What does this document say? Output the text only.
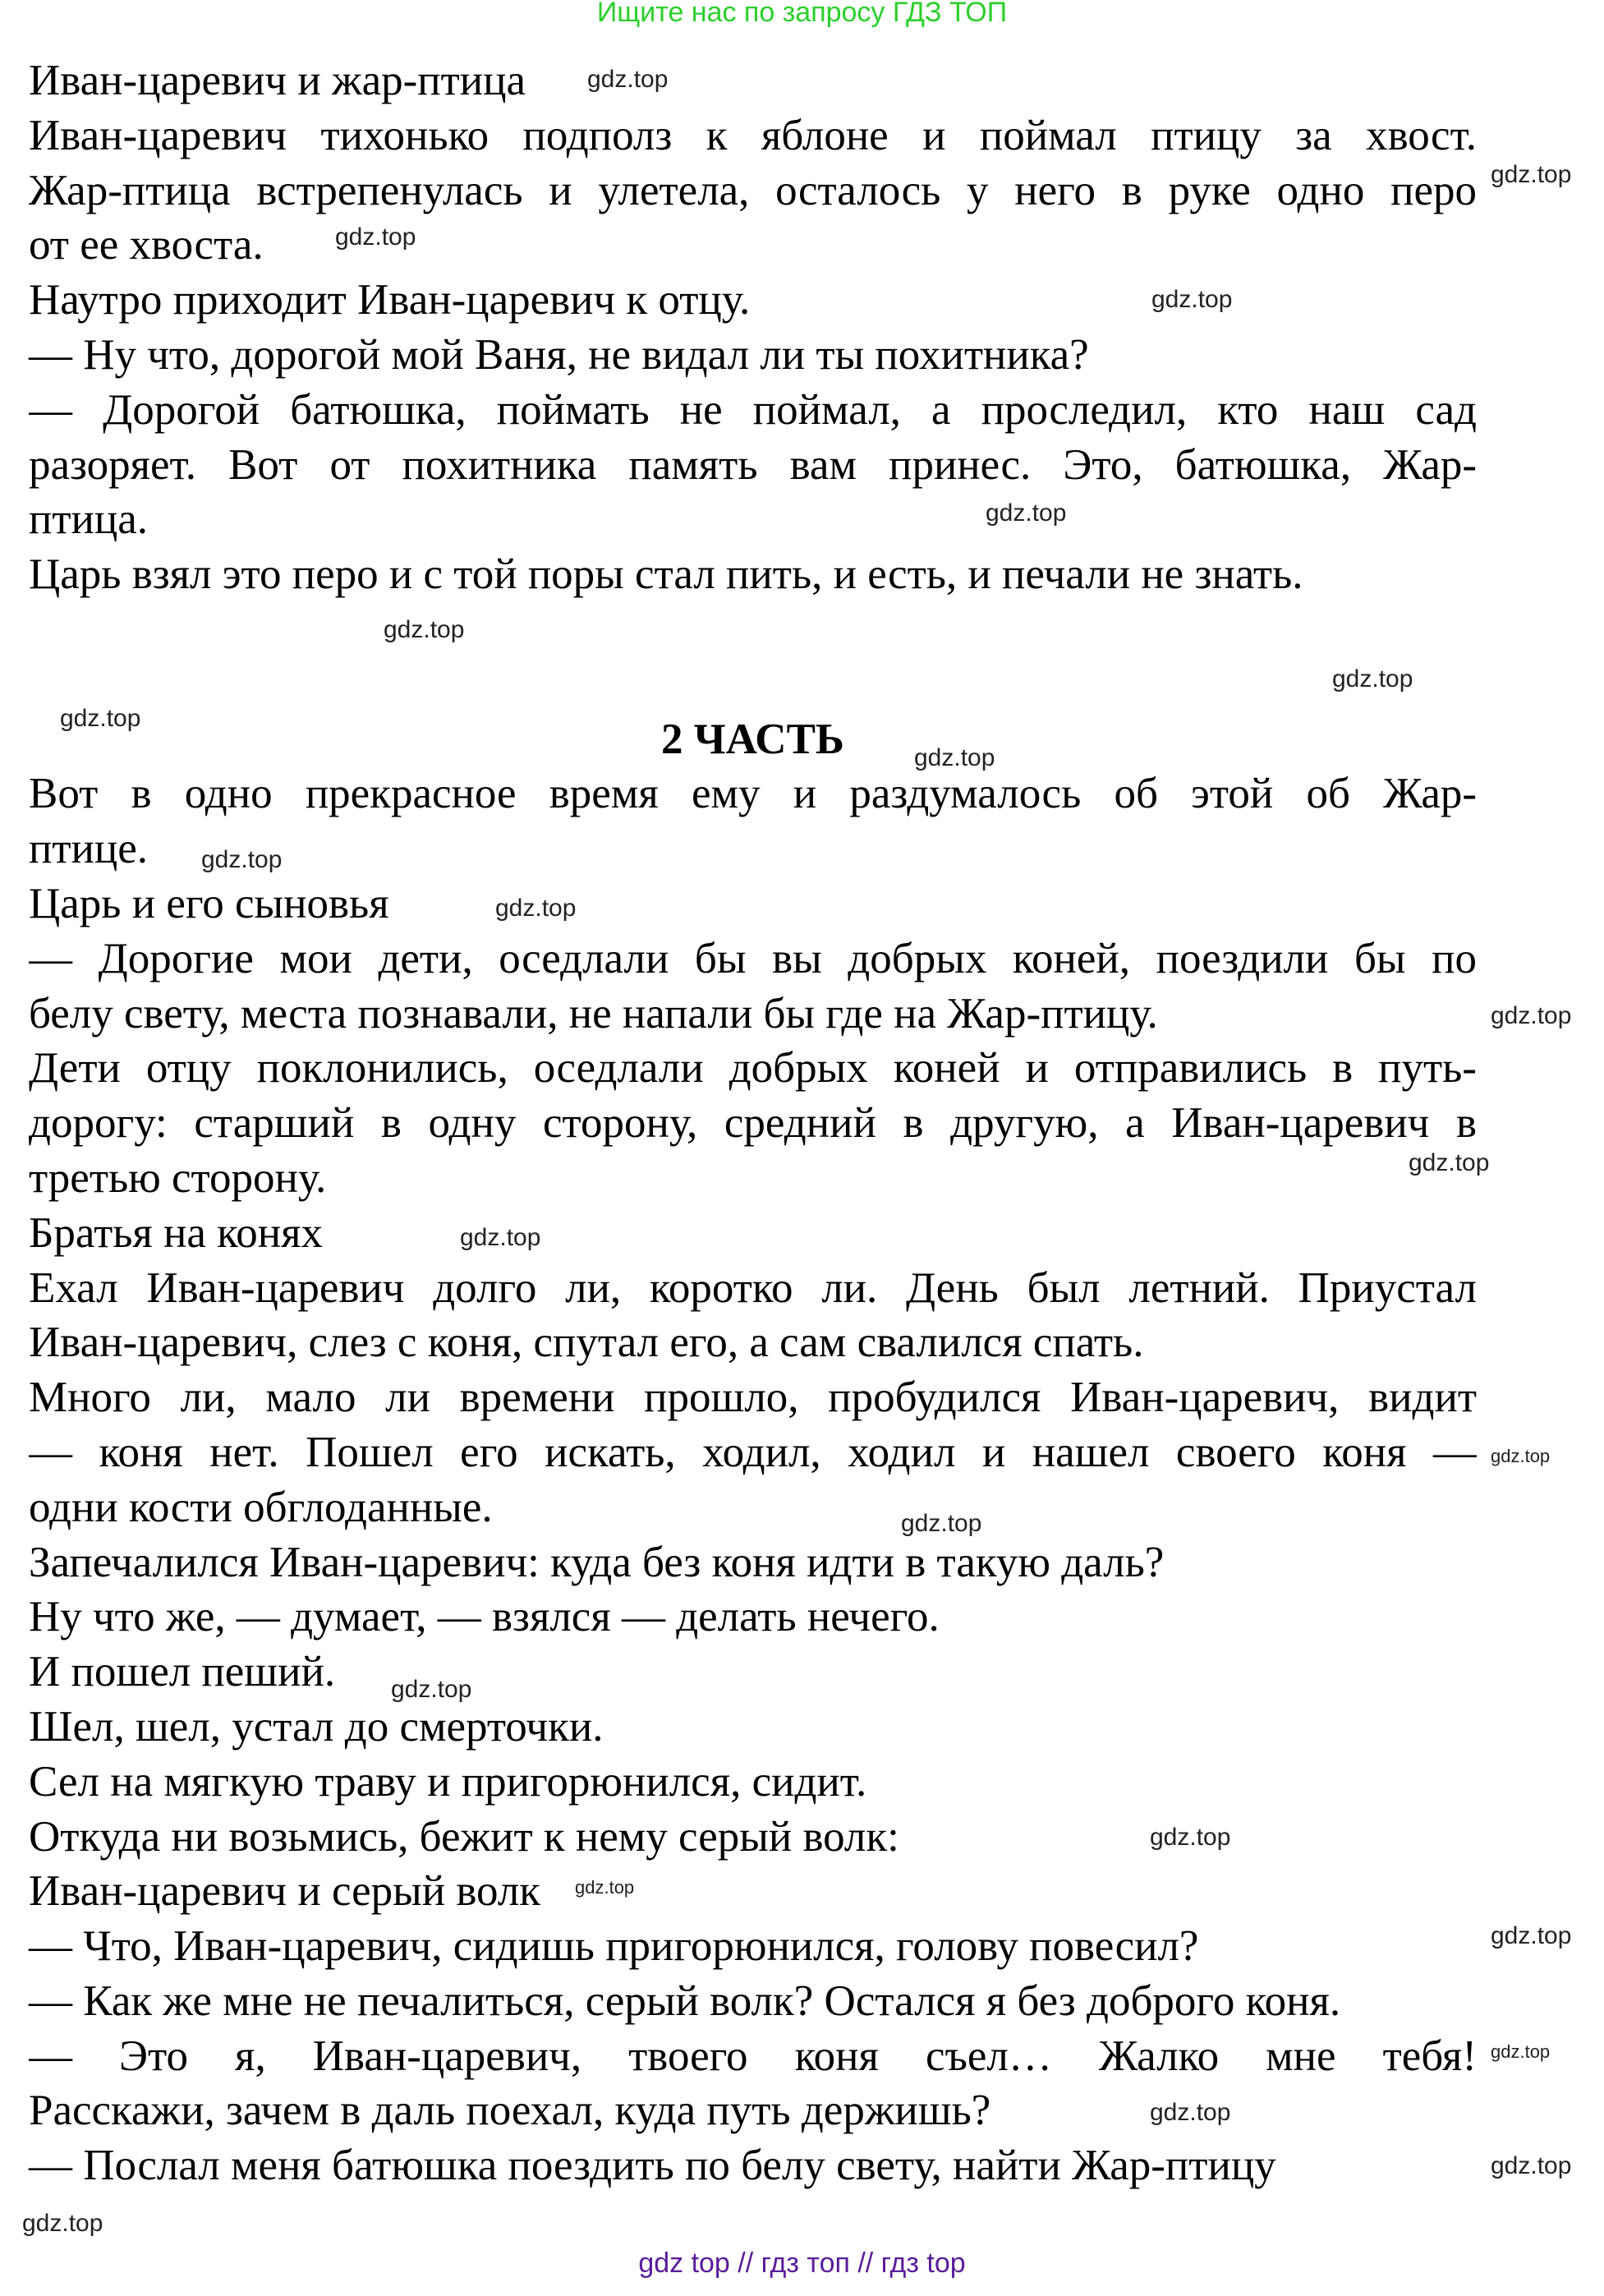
Ищите нас по запросу ГДЗ ТОП
Иван-царевич и жар-птица
Иван-царевич тихонько подполз к яблоне и поймал птицу за хвост.
Жар-птица встрепенулась и улетела, осталось у него в руке одно перо
от ее хвоста.
Наутро приходит Иван-царевич к отцу.
— Ну что, дорогой мой Ваня, не видал ли ты похитника?
— Дорогой батюшка, поймать не поймал, а проследил, кто наш сад
разоряет. Вот от похитника память вам принес. Это, батюшка, Жар-
птица.
Царь взял это перо и с той поры стал пить, и есть, и печали не знать.
2 ЧАСТЬ
Вот в одно прекрасное время ему и раздумалось об этой об Жар-
птице.
Царь и его сыновья
— Дорогие мои дети, оседлали бы вы добрых коней, поездили бы по
белу свету, места познавали, не напали бы где на Жар-птицу.
Дети отцу поклонились, оседлали добрых коней и отправились в путь-
дорогу: старший в одну сторону, средний в другую, а Иван-царевич в
третью сторону.
Братья на конях
Ехал Иван-царевич долго ли, коротко ли. День был летний. Приустал
Иван-царевич, слез с коня, спутал его, а сам свалился спать.
Много ли, мало ли времени прошло, пробудился Иван-царевич, видит
— коня нет. Пошел его искать, ходил, ходил и нашел своего коня —
одни кости обглоданные.
Запечалился Иван-царевич: куда без коня идти в такую даль?
Ну что же, — думает, — взялся — делать нечего.
И пошел пеший.
Шел, шел, устал до смерточки.
Сел на мягкую траву и пригорюнился, сидит.
Откуда ни возьмись, бежит к нему серый волк:
Иван-царевич и серый волк
— Что, Иван-царевич, сидишь пригорюнился, голову повесил?
— Как же мне не печалиться, серый волк? Остался я без доброго коня.
— Это я, Иван-царевич, твоего коня съел… Жалко мне тебя!
Расскажи, зачем в даль поехал, куда путь держишь?
— Послал меня батюшка поездить по белу свету, найти Жар-птицу
gdz.top
gdz.top
gdz.top
gdz.top
gdz.top
gdz.top
gdz.top
gdz.top
gdz.top
gdz.top
gdz.top
gdz.top
gdz.top
gdz.top
gdz.top
gdz.top
gdz.top
gdz.top
gdz.top
gdz.top
gdz.top
gdz.top
gdz.top
gdz.top
gdz top // гдз топ // гдз top
